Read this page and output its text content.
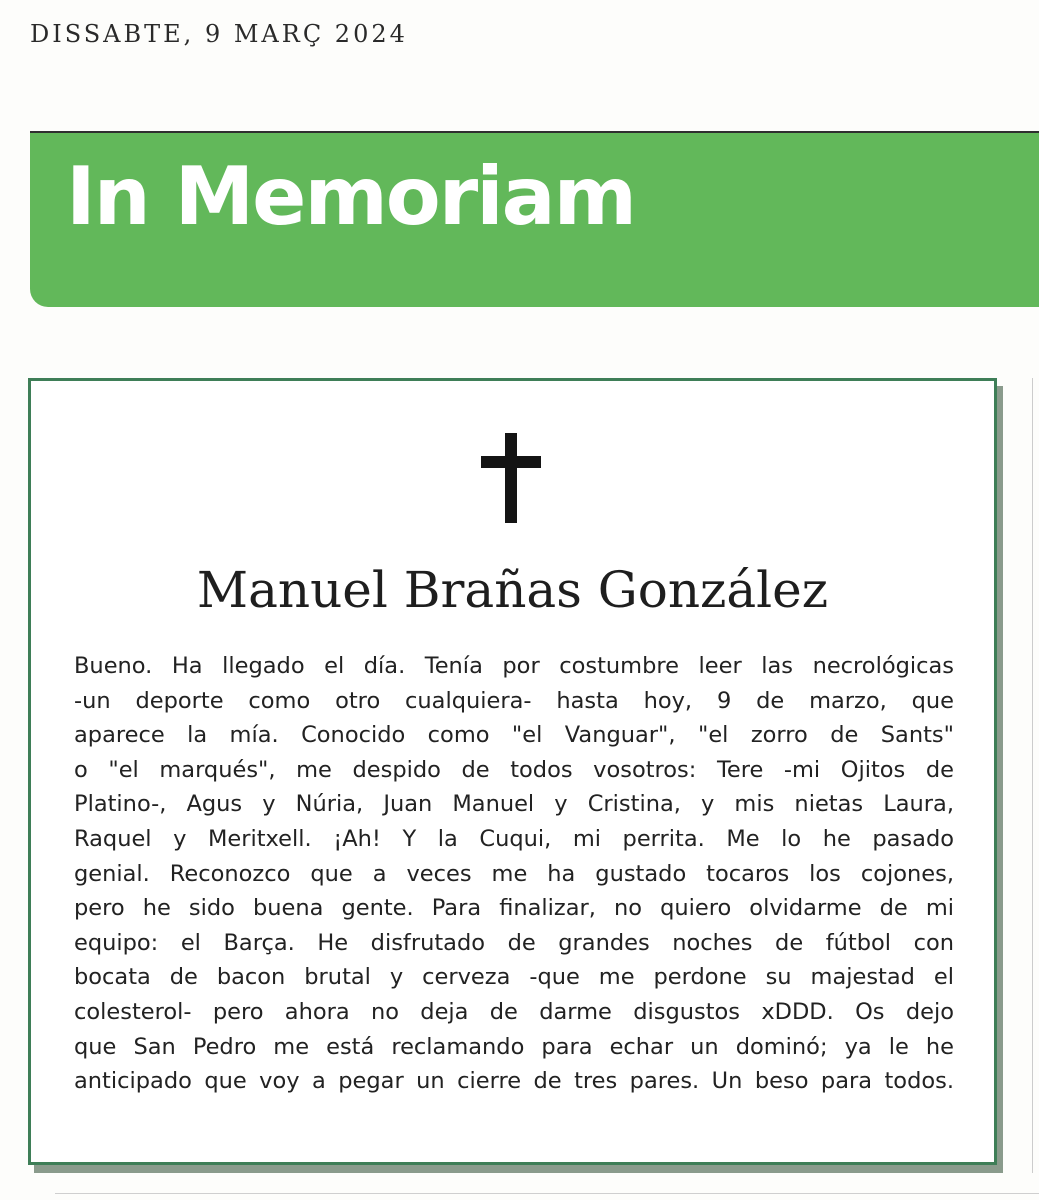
DISSABTE, 9 MARÇ 2024
In Memoriam
Manuel Brañas González
Bueno. Ha llegado el día. Tenía por costumbre leer las necrológicas
-un deporte como otro cualquiera- hasta hoy, 9 de marzo, que
aparece la mía. Conocido como "el Vanguar", "el zorro de Sants"
o "el marqués", me despido de todos vosotros: Tere -mi Ojitos de
Platino-, Agus y Núria, Juan Manuel y Cristina, y mis nietas Laura,
Raquel y Meritxell. ¡Ah! Y la Cuqui, mi perrita. Me lo he pasado
genial. Reconozco que a veces me ha gustado tocaros los cojones,
pero he sido buena gente. Para finalizar, no quiero olvidarme de mi
equipo: el Barça. He disfrutado de grandes noches de fútbol con
bocata de bacon brutal y cerveza -que me perdone su majestad el
colesterol- pero ahora no deja de darme disgustos xDDD. Os dejo
que San Pedro me está reclamando para echar un dominó; ya le he
anticipado que voy a pegar un cierre de tres pares. Un beso para todos.
